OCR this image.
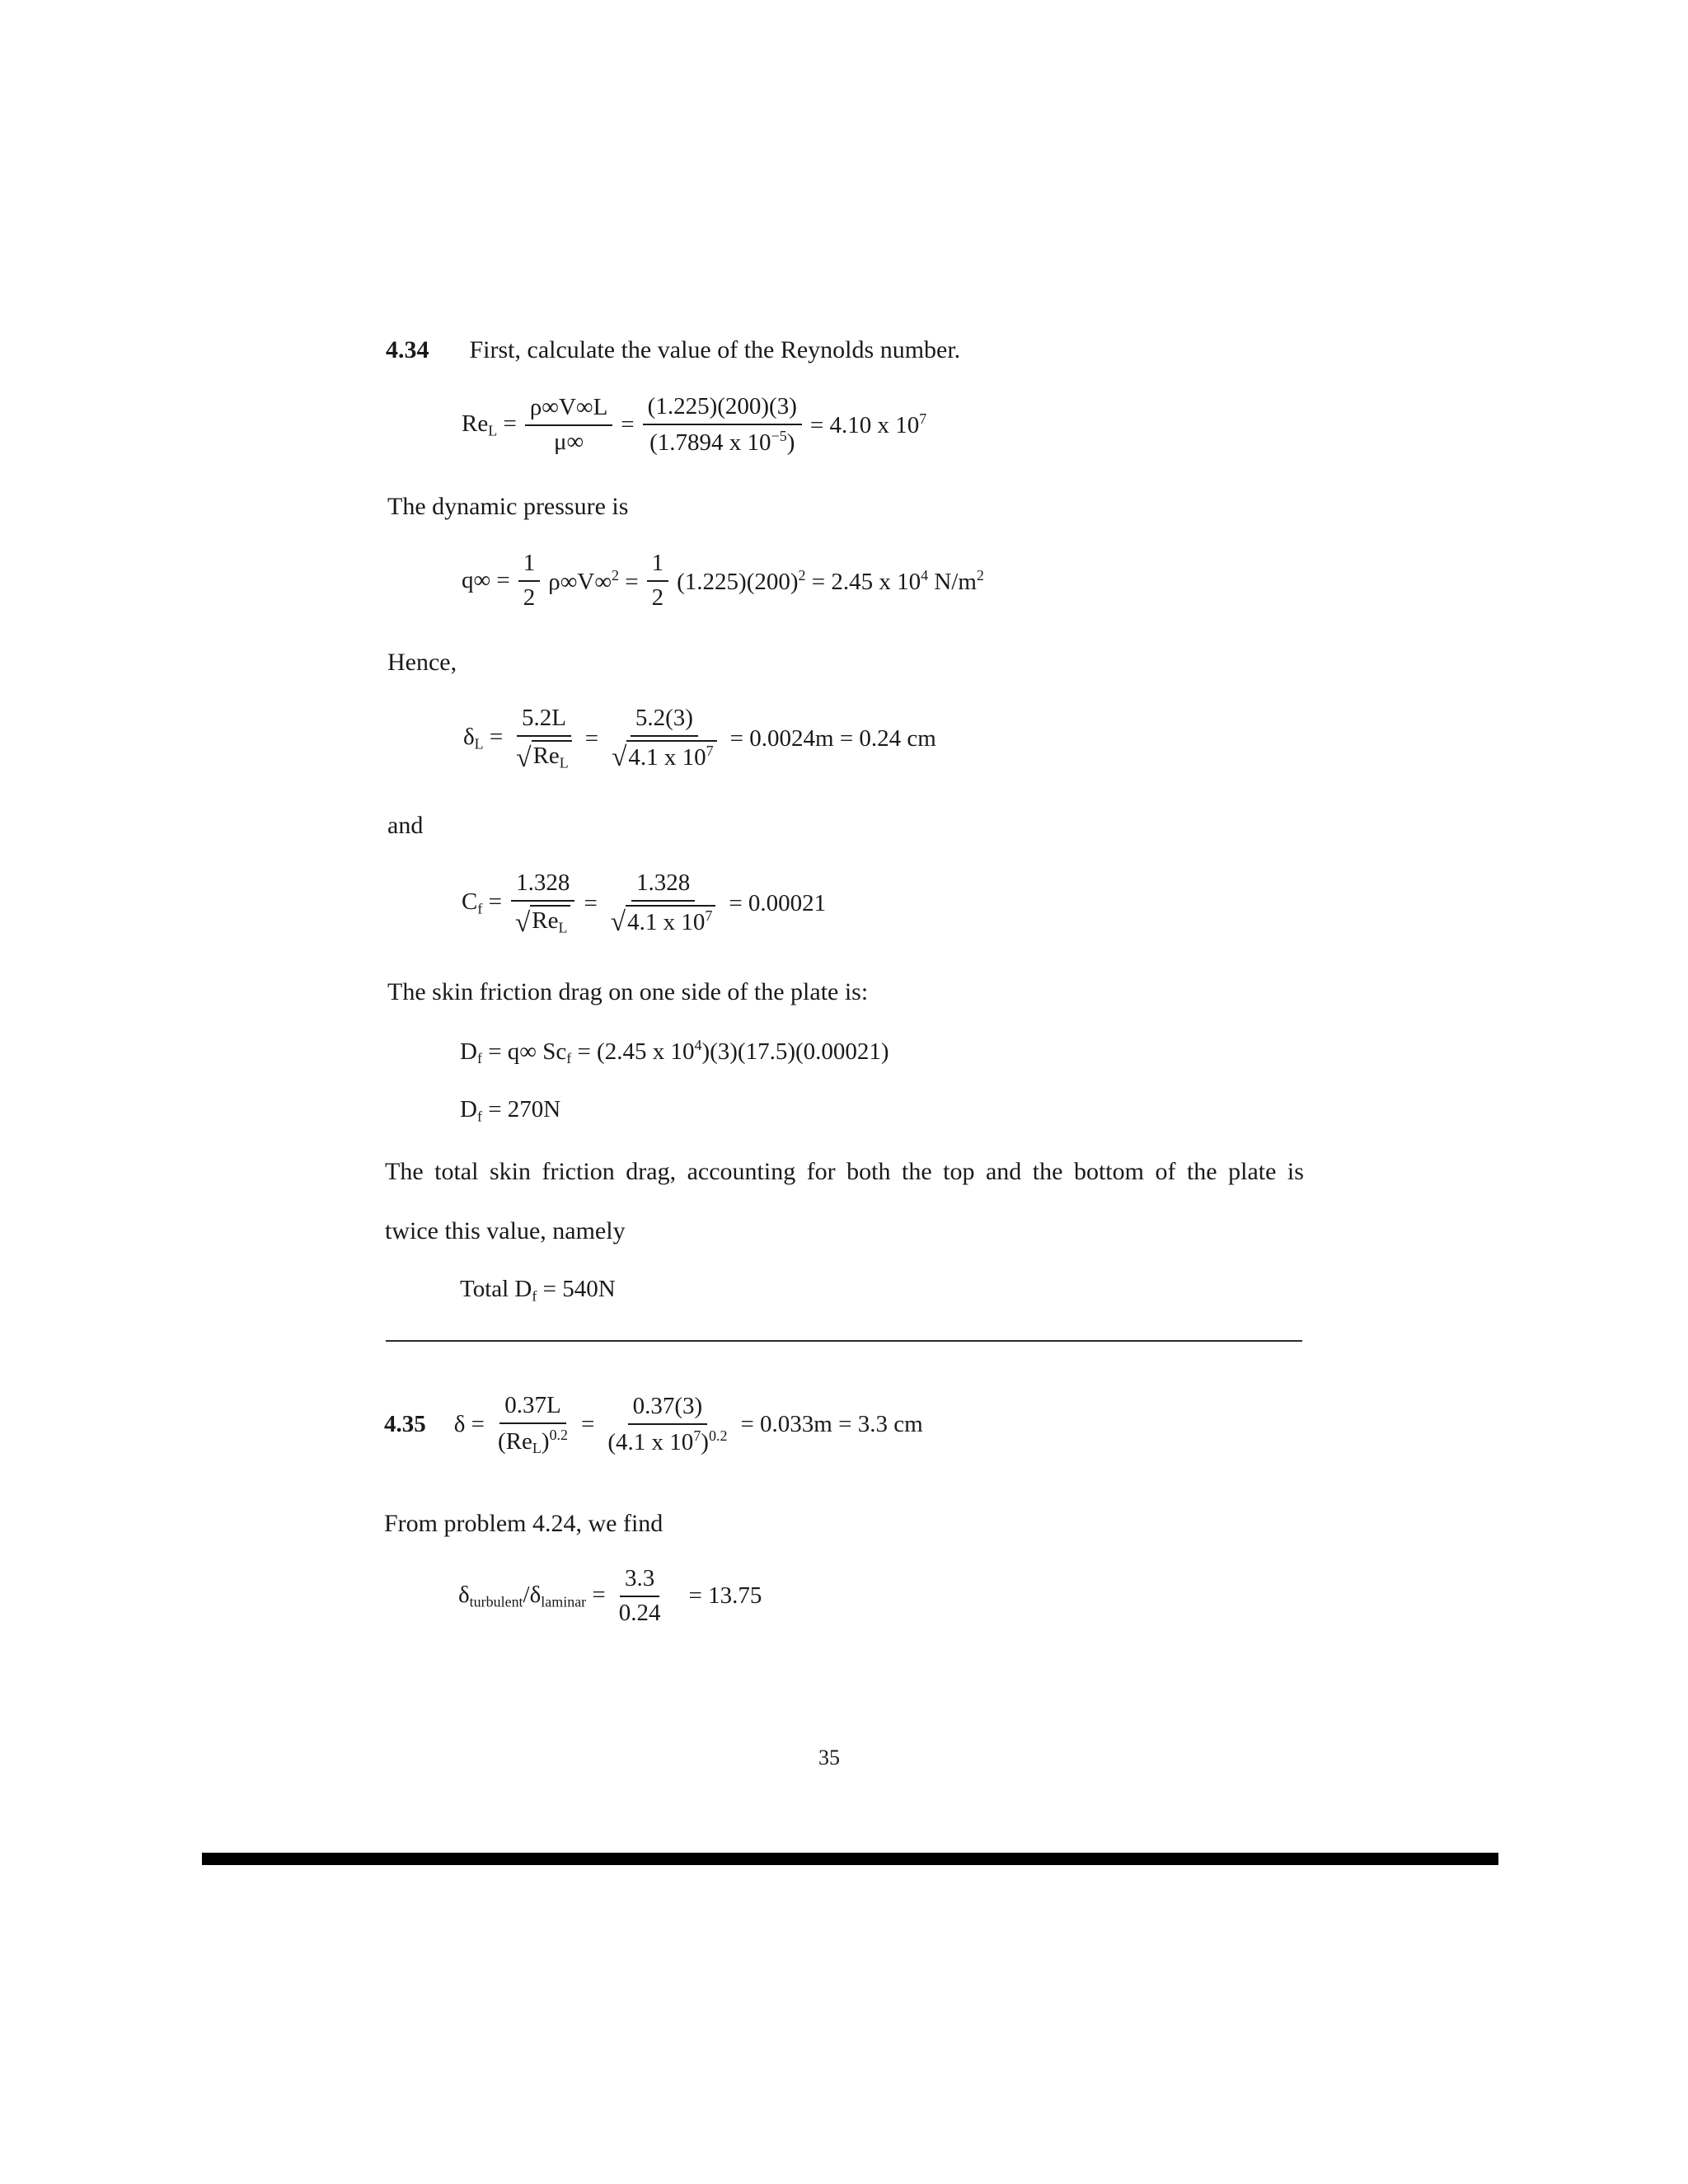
4.34 First, calculate the value of the Reynolds number.
$Re_L = \frac{\rho\infty V\infty L}{\mu\infty} = \frac{(1.225)(200)(3)}{(1.7894 x 10^{-5})} = 4.10$ x $10^7$
The dynamic pressure is
$q\infty = \frac{1}{2} \rho\infty V\infty^2 = \frac{1}{2} (1.225)(200)^2 = 2.45$ x $10^4$ $N/m^2$
Hence,
$\delta_L = \frac{5.2L}{√ Re_L} = \frac{5.2(3)}{√ 4.1 x 10^7} = 0.0024m = 0.24$ cm
and
$C_f = \frac{1.328}{√ Re_L} = \frac{1.328}{√ 4.1 x 10^7} = 0.00021$
The skin friction drag on one side of the plate is:
$D_f = q\infty$ $Sc_f = (2.45$ x $10^4)(3)(17.5)(0.00021)$
$D_f = 270N$
The total skin friction drag, accounting for both the top and the bottom of the plate is
twice this value, namely
Total $D_f = 540N$
4.35 $\delta = \frac{0.37L}{(Re_L)^{0.2}} = \frac{0.37(3)}{(4.1 x 10^7)^{0.2}} = 0.033m = 3.3$ cm
From problem 4.24, we find
$\delta_{turbulent}/\delta_{laminar} = \frac{3.3}{0.24} = 13.75$
35
